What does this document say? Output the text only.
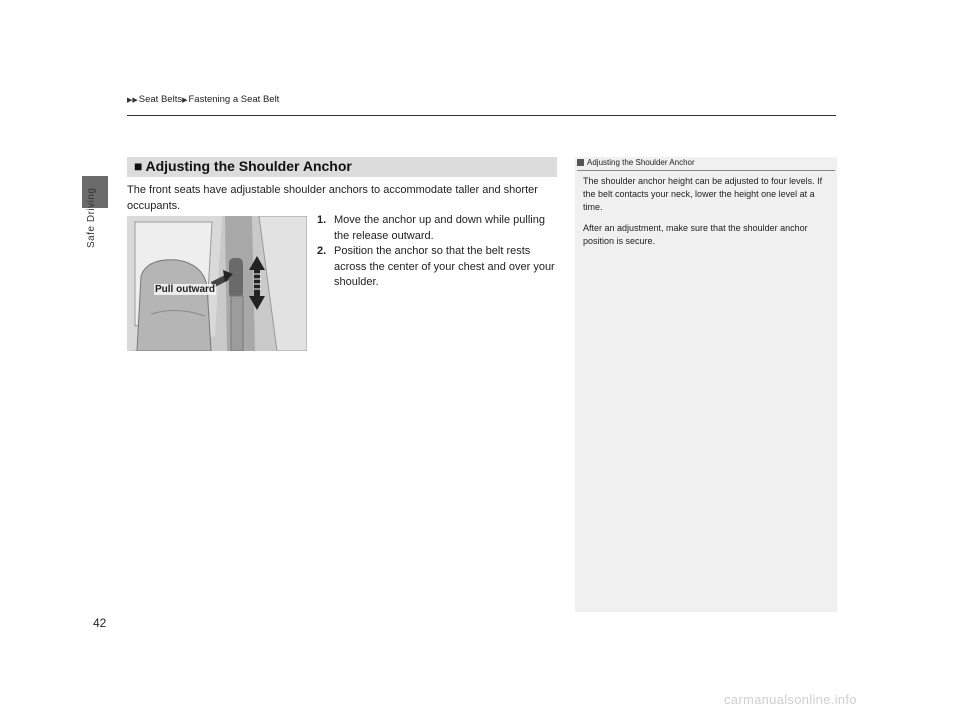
Safe Driving
▶▶Seat Belts▶Fastening a Seat Belt
■ Adjusting the Shoulder Anchor
The front seats have adjustable shoulder anchors to accommodate taller and shorter occupants.
Pull outward

1. Move the anchor up and down while pulling the release outward.

2. Position the anchor so that the belt rests across the center of your chest and over your shoulder.

Adjusting the Shoulder Anchor

The shoulder anchor height can be adjusted to four levels. If the belt contacts your neck, lower the height one level at a time.

After an adjustment, make sure that the shoulder anchor position is secure.

42
carmanualsonline.info
